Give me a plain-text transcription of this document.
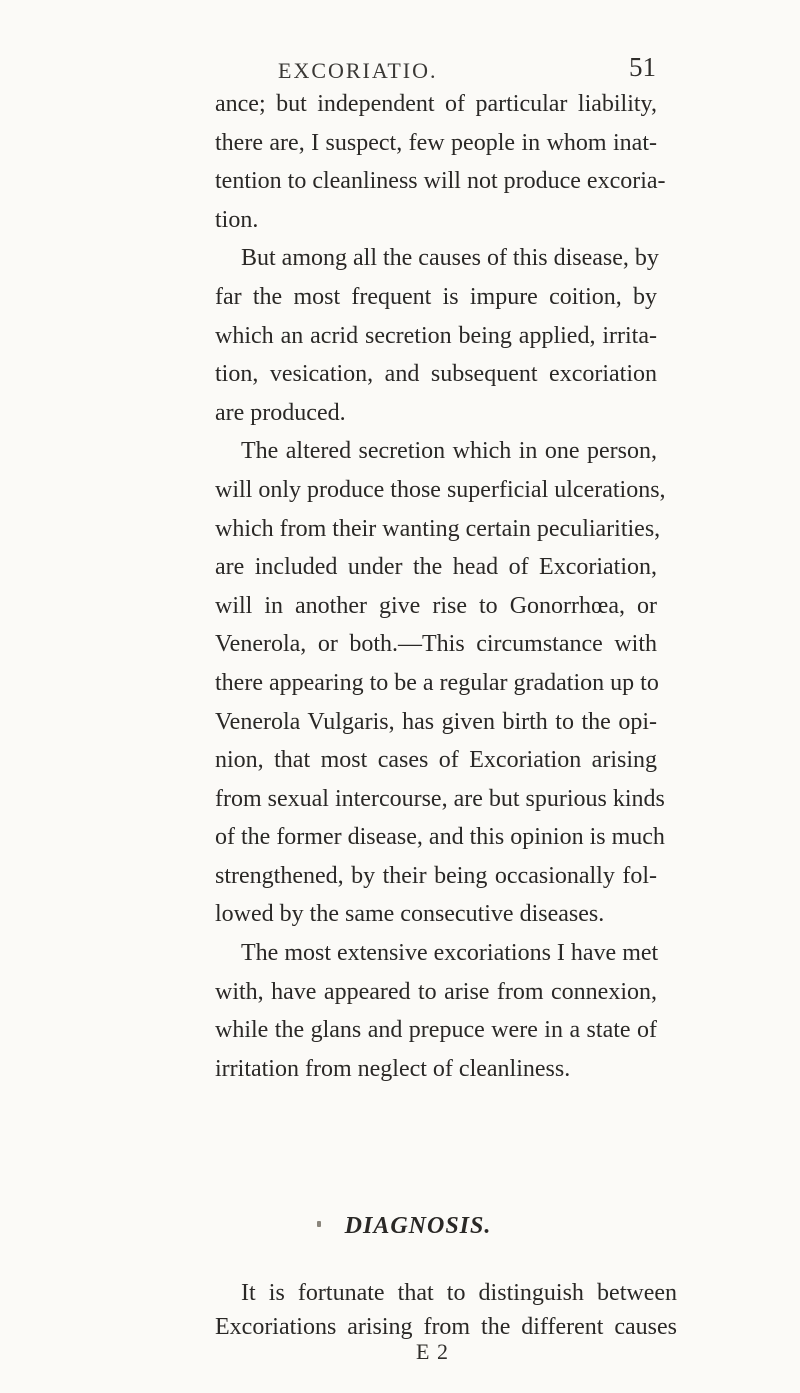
EXCORIATIO.	51
ance; but independent of particular liability,
there are, I suspect, few people in whom inat-
tention to cleanliness will not produce excoria-
tion.
But among all the causes of this disease, by
far the most frequent is impure coition, by
which an acrid secretion being applied, irrita-
tion, vesication, and subsequent excoriation
are produced.
The altered secretion which in one person,
will only produce those superficial ulcerations,
which from their wanting certain peculiarities,
are included under the head of Excoriation,
will in another give rise to Gonorrhœa, or
Venerola, or both.—This circumstance with
there appearing to be a regular gradation up to
Venerola Vulgaris, has given birth to the opi-
nion, that most cases of Excoriation arising
from sexual intercourse, are but spurious kinds
of the former disease, and this opinion is much
strengthened, by their being occasionally fol-
lowed by the same consecutive diseases.
The most extensive excoriations I have met
with, have appeared to arise from connexion,
while the glans and prepuce were in a state of
irritation from neglect of cleanliness.
DIAGNOSIS.
It is fortunate that to distinguish between
Excoriations arising from the different causes
E 2
